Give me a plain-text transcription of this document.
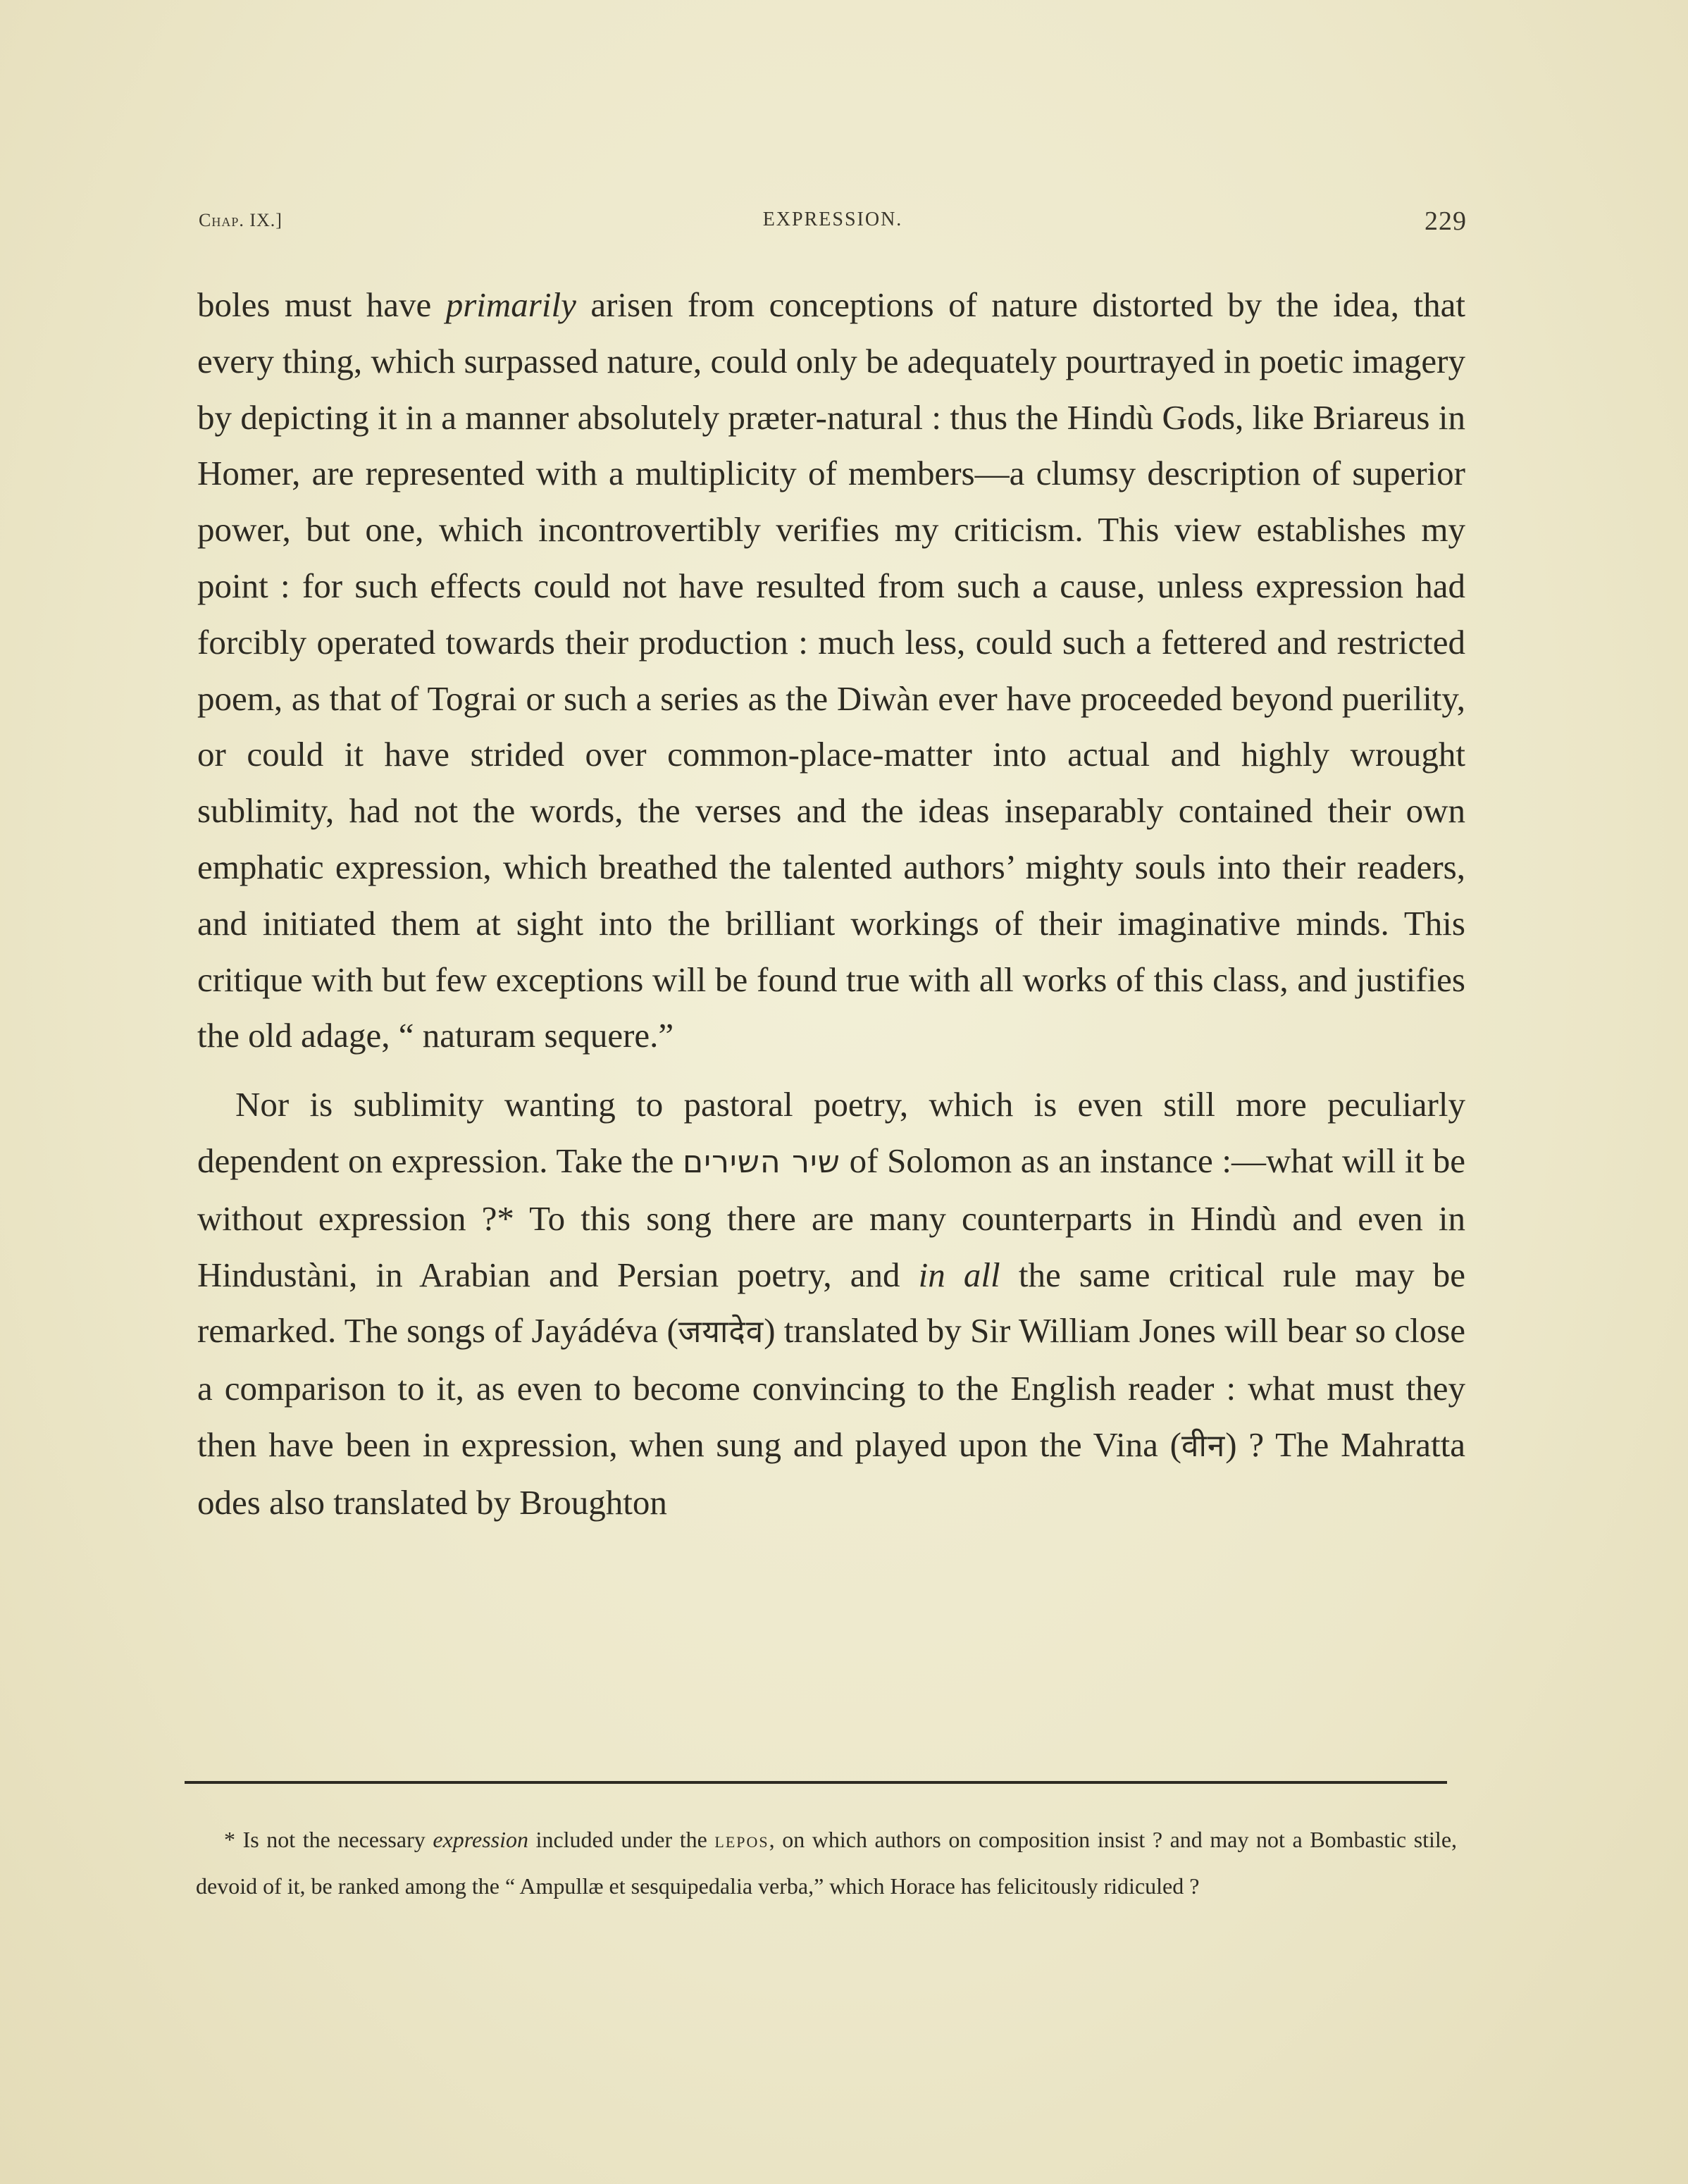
Chap. IX.]	EXPRESSION.	229

boles must have primarily arisen from conceptions of nature distorted by the idea, that every thing, which surpassed nature, could only be adequately pourtrayed in poetic imagery by depicting it in a manner absolutely prӕter-natural : thus the Hindù Gods, like Briareus in Homer, are represented with a multiplicity of members—a clumsy description of superior power, but one, which incontrovertibly verifies my criticism. This view establishes my point : for such effects could not have resulted from such a cause, unless expression had forcibly operated towards their production : much less, could such a fettered and restricted poem, as that of Tograi or such a series as the Diwàn ever have proceeded beyond puerility, or could it have strided over common-place-matter into actual and highly wrought sublimity, had not the words, the verses and the ideas inseparably contained their own emphatic expression, which breathed the talented authors’ mighty souls into their readers, and initiated them at sight into the brilliant workings of their imaginative minds. This critique with but few exceptions will be found true with all works of this class, and justifies the old adage, “ naturam sequere.”

Nor is sublimity wanting to pastoral poetry, which is even still more peculiarly dependent on expression. Take the שיר השירים of Solomon as an instance :—what will it be without expression ?* To this song there are many counterparts in Hindù and even in Hindustàni, in Arabian and Persian poetry, and in all the same critical rule may be remarked. The songs of Jayádéva (जयादेव) translated by Sir William Jones will bear so close a comparison to it, as even to become convincing to the English reader : what must they then have been in expression, when sung and played upon the Vina (वीन) ? The Mahratta odes also translated by Broughton

* Is not the necessary expression included under the lepos, on which authors on composition insist ? and may not a Bombastic stile, devoid of it, be ranked among the “ Ampullæ et sesquipedalia verba,” which Horace has felicitously ridiculed ?
